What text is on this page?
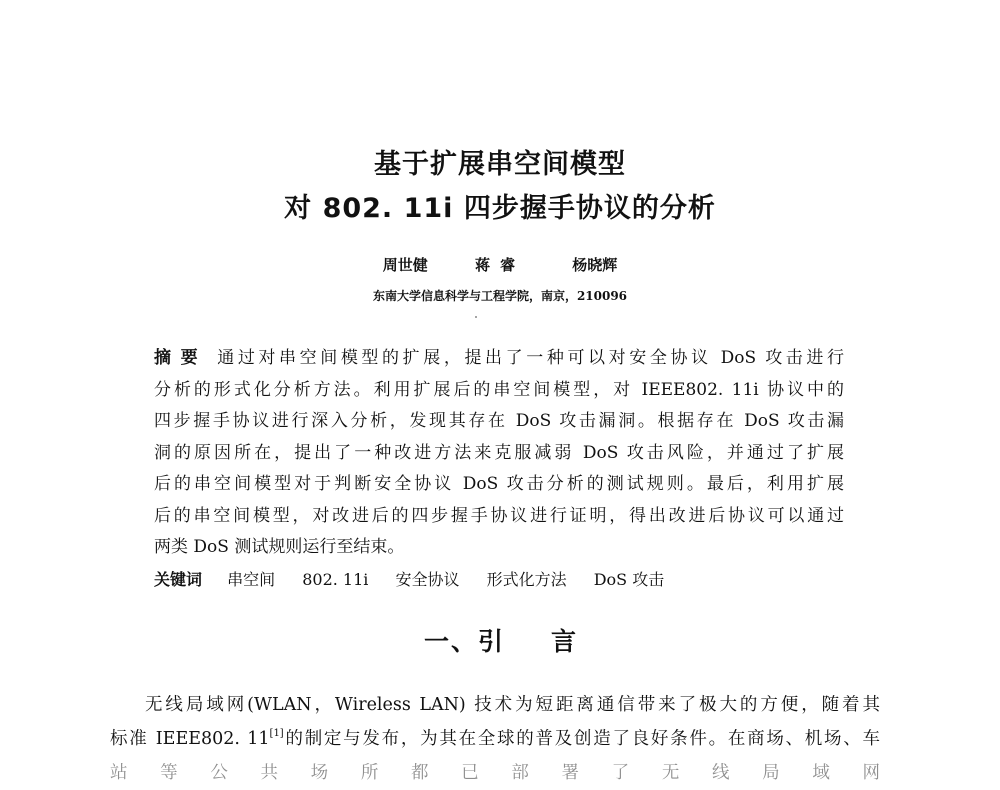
基于扩展串空间模型
对 802. 11i 四步握手协议的分析
周世健	蒋睿	杨晓辉
东南大学信息科学与工程学院，南京，210096
摘要 通过对串空间模型的扩展，提出了一种可以对安全协议 DoS 攻击进行
分析的形式化分析方法。利用扩展后的串空间模型，对 IEEE802. 11i 协议中的
四步握手协议进行深入分析，发现其存在 DoS 攻击漏洞。根据存在 DoS 攻击漏
洞的原因所在，提出了一种改进方法来克服减弱 DoS 攻击风险，并通过了扩展
后的串空间模型对于判断安全协议 DoS 攻击分析的测试规则。最后，利用扩展
后的串空间模型，对改进后的四步握手协议进行证明，得出改进后协议可以通过
两类 DoS 测试规则运行至结束。
关键词 串空间 802. 11i 安全协议 形式化方法 DoS 攻击
一、引 言
无线局域网(WLAN，Wireless LAN) 技术为短距离通信带来了极大的方便，随着其
标准 IEEE802. 11[1]的制定与发布，为其在全球的普及创造了良好条件。在商场、机场、车
站等公共场所都已部署了无线局域网
